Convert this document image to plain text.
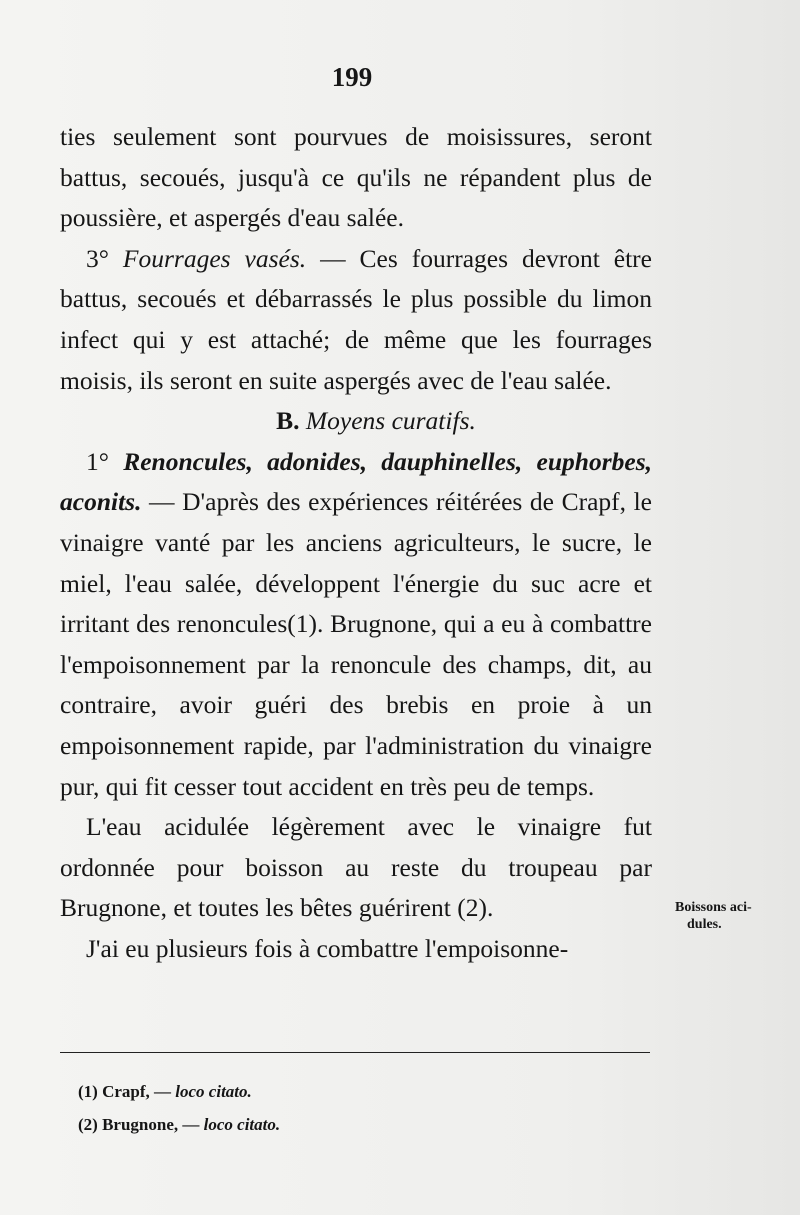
199

ties seulement sont pourvues de moisissures, seront battus, secoués, jusqu'à ce qu'ils ne répandent plus de poussière, et aspergés d'eau salée.

3° Fourrages vasés. — Ces fourrages devront être battus, secoués et débarrassés le plus possible du limon infect qui y est attaché; de même que les fourrages moisis, ils seront en suite aspergés avec de l'eau salée.

B. Moyens curatifs.

1° Renoncules, adonides, dauphinelles, euphorbes, aconits. — D'après des expériences réitérées de Crapf, le vinaigre vanté par les anciens agriculteurs, le sucre, le miel, l'eau salée, développent l'énergie du suc acre et irritant des renoncules(1). Brugnone, qui a eu à combattre l'empoisonnement par la renoncule des champs, dit, au contraire, avoir guéri des brebis en proie à un empoisonnement rapide, par l'administration du vinaigre pur, qui fit cesser tout accident en très peu de temps.

L'eau acidulée légèrement avec le vinaigre fut ordonnée pour boisson au reste du troupeau par Brugnone, et toutes les bêtes guérirent (2).

J'ai eu plusieurs fois à combattre l'empoisonne-

Boissons aci-
dules.
(1) Crapf, — loco citato.
(2) Brugnone, — loco citato.
